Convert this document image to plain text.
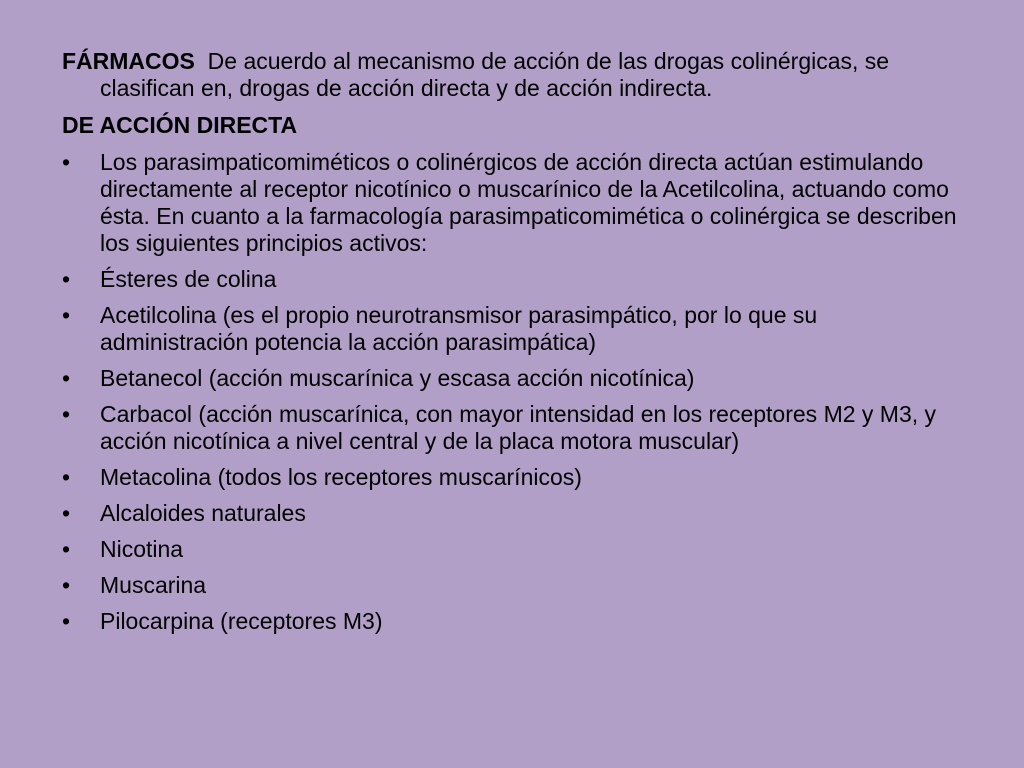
FÁRMACOS De acuerdo al mecanismo de acción de las drogas colinérgicas, se clasifican en, drogas de acción directa y de acción indirecta.

DE ACCIÓN DIRECTA

•	Los parasimpaticomiméticos o colinérgicos de acción directa actúan estimulando directamente al receptor nicotínico o muscarínico de la Acetilcolina, actuando como ésta. En cuanto a la farmacología parasimpaticomimética o colinérgica se describen los siguientes principios activos:
•	Ésteres de colina
•	Acetilcolina (es el propio neurotransmisor parasimpático, por lo que su administración potencia la acción parasimpática)
•	Betanecol (acción muscarínica y escasa acción nicotínica)
•	Carbacol (acción muscarínica, con mayor intensidad en los receptores M2 y M3, y acción nicotínica a nivel central y de la placa motora muscular)
•	Metacolina (todos los receptores muscarínicos)
•	Alcaloides naturales
•	Nicotina
•	Muscarina
•	Pilocarpina (receptores M3)
